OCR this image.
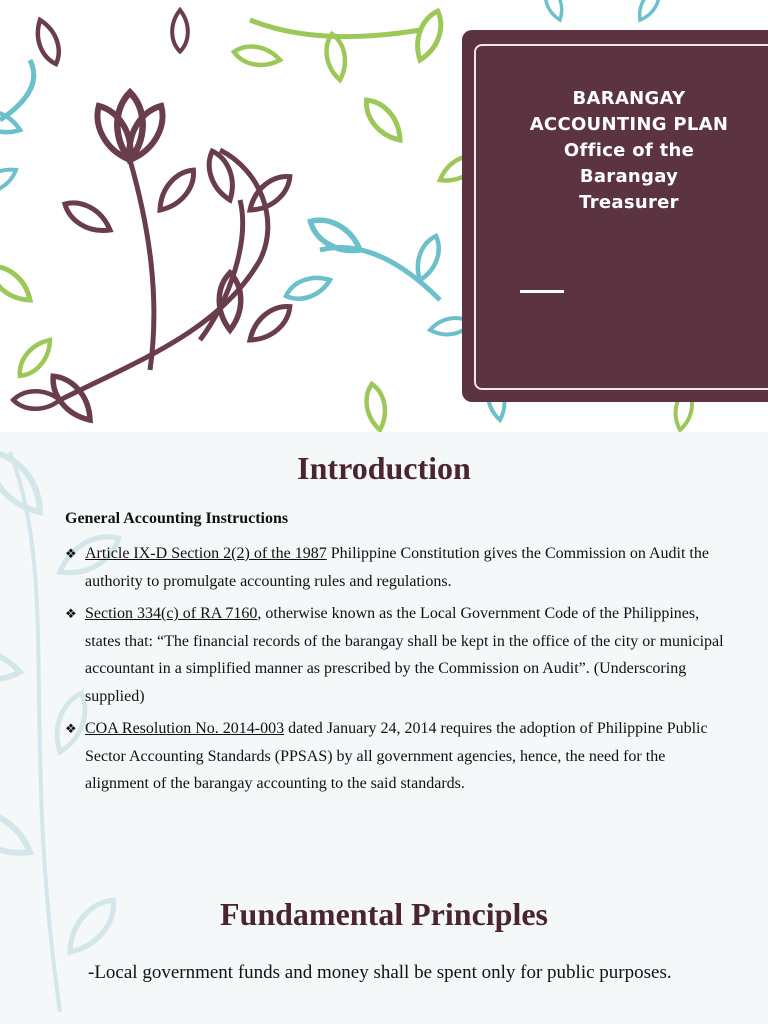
BARANGAY
ACCOUNTING PLAN
Office of the
Barangay
Treasurer
Introduction
General Accounting Instructions
❖ Article IX-D Section 2(2) of the 1987 Philippine Constitution gives the Commission on Audit the authority to promulgate accounting rules and regulations.
❖ Section 334(c) of RA 7160, otherwise known as the Local Government Code of the Philippines, states that: “The financial records of the barangay shall be kept in the office of the city or municipal accountant in a simplified manner as prescribed by the Commission on Audit”. (Underscoring supplied)
❖ COA Resolution No. 2014-003 dated January 24, 2014 requires the adoption of Philippine Public Sector Accounting Standards (PPSAS) by all government agencies, hence, the need for the alignment of the barangay accounting to the said standards.
Fundamental Principles
-Local government funds and money shall be spent only for public purposes.
